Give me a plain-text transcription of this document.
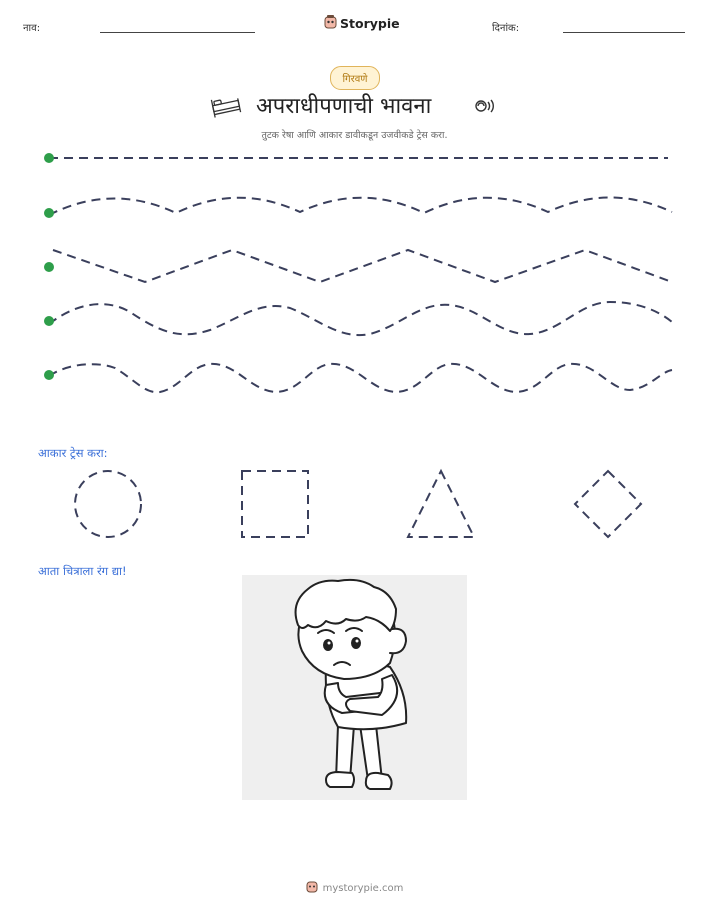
नाव:	Storypie	दिनांक:
गिरवणे
अपराधीपणाची भावना
तुटक रेषा आणि आकार डावीकडून उजवीकडे ट्रेस करा.
आकार ट्रेस करा:
आता चित्राला रंग द्या!
mystorypie.com
